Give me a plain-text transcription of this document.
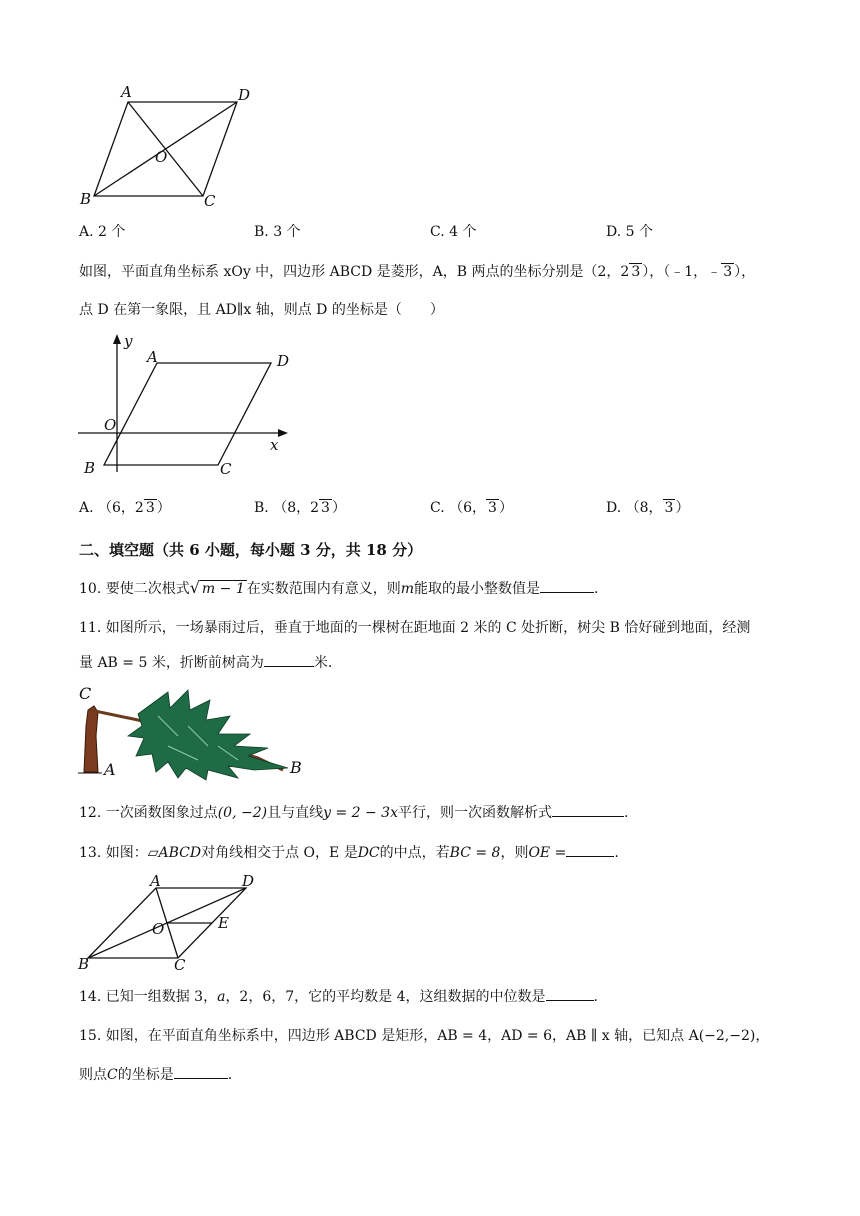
A	D
O
B	C
A. 2 个	B. 3 个	C. 4 个	D. 5 个
如图，平面直角坐标系 xOy 中，四边形 ABCD 是菱形，A，B 两点的坐标分别是（2，2 3 ），（﹣1，﹣ 3 ），
点 D 在第一象限，且 AD∥x 轴，则点 D 的坐标是（　　）
y
A	D
O
x
B	C
A. （6，2 3 ）	B. （8，2 3 ）	C. （6， 3 ）	D. （8， 3 ）
二、填空题（共 6 小题，每小题 3 分，共 18 分）
10. 要使二次根式√ m − 1 在实数范围内有意义，则m能取的最小整数值是	.
11. 如图所示，一场暴雨过后，垂直于地面的一棵树在距地面 2 米的 C 处折断，树尖 B 恰好碰到地面，经测
量 AB = 5 米，折断前树高为	米.
C
A	B
12. 一次函数图象过点(0, −2)且与直线y = 2 − 3x平行，则一次函数解析式	.
13. 如图：▱ABCD对角线相交于点 O，E 是DC的中点，若BC = 8，则OE =	.
A	D
O	E
B	C
14. 已知一组数据 3，a，2，6，7，它的平均数是 4，这组数据的中位数是	.
15. 如图，在平面直角坐标系中，四边形 ABCD 是矩形，AB = 4，AD = 6，AB ∥ x 轴，已知点 A(−2,−2)，
则点C的坐标是	.
